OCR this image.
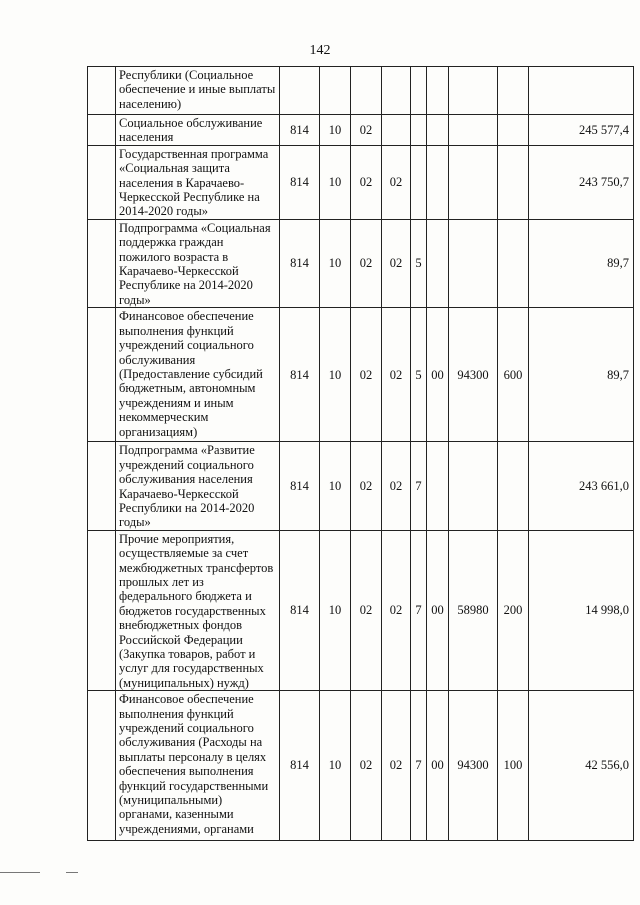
142
	Республики (Социальное обеспечение и иные выплаты населению)									
	Социальное обслуживание населения	814	10	02						245 577,4
	Государственная программа «Социальная защита населения в Карачаево-Черкесской Республике на 2014-2020 годы»	814	10	02	02					243 750,7
	Подпрограмма «Социальная поддержка граждан пожилого возраста в Карачаево-Черкесской Республике на 2014-2020 годы»	814	10	02	02	5				89,7
	Финансовое обеспечение выполнения функций учреждений социального обслуживания (Предоставление субсидий бюджетным, автономным учреждениям и иным некоммерческим организациям)	814	10	02	02	5	00	94300	600	89,7
	Подпрограмма «Развитие учреждений социального обслуживания населения Карачаево-Черкесской Республики на 2014-2020 годы»	814	10	02	02	7				243 661,0
	Прочие мероприятия, осуществляемые за счет межбюджетных трансфертов прошлых лет из федерального бюджета и бюджетов государственных внебюджетных фондов Российской Федерации (Закупка товаров, работ и услуг для государственных (муниципальных) нужд)	814	10	02	02	7	00	58980	200	14 998,0
	Финансовое обеспечение выполнения функций учреждений социального обслуживания (Расходы на выплаты персоналу в целях обеспечения выполнения функций государственными (муниципальными) органами, казенными учреждениями, органами	814	10	02	02	7	00	94300	100	42 556,0
